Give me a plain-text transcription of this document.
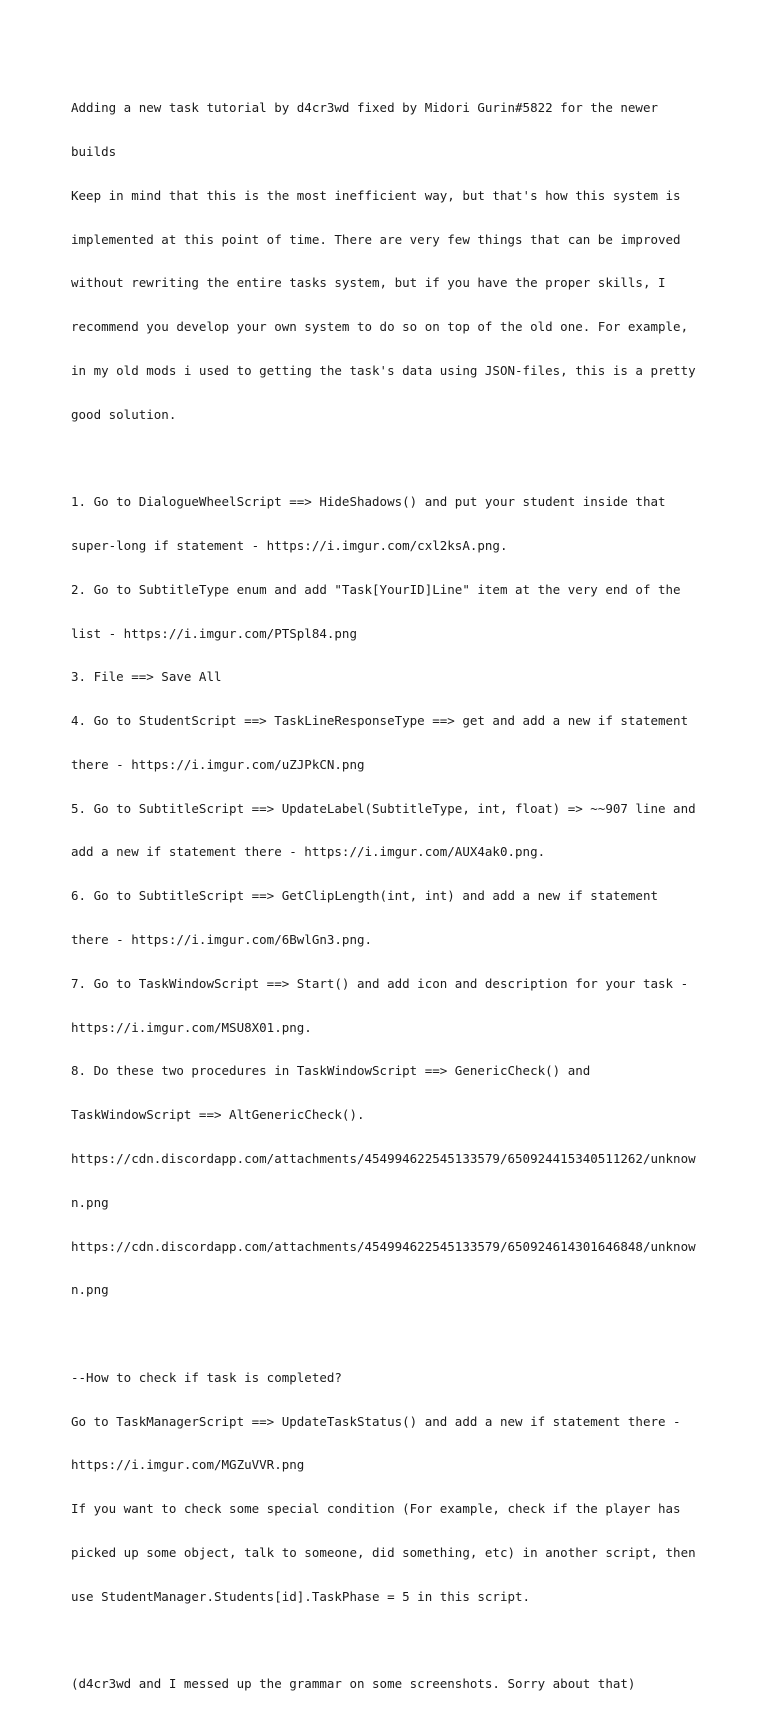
Adding a new task tutorial by d4cr3wd fixed by Midori Gurin#5822 for the newer

builds

Keep in mind that this is the most inefficient way, but that's how this system is

implemented at this point of time. There are very few things that can be improved

without rewriting the entire tasks system, but if you have the proper skills, I

recommend you develop your own system to do so on top of the old one. For example,

in my old mods i used to getting the task's data using JSON-files, this is a pretty

good solution.

1. Go to DialogueWheelScript ==> HideShadows() and put your student inside that

super-long if statement - https://i.imgur.com/cxl2ksA.png.

2. Go to SubtitleType enum and add "Task[YourID]Line" item at the very end of the

list - https://i.imgur.com/PTSpl84.png

3. File ==> Save All

4. Go to StudentScript ==> TaskLineResponseType ==> get and add a new if statement

there - https://i.imgur.com/uZJPkCN.png

5. Go to SubtitleScript ==> UpdateLabel(SubtitleType, int, float) => ~~907 line and

add a new if statement there - https://i.imgur.com/AUX4ak0.png.

6. Go to SubtitleScript ==> GetClipLength(int, int) and add a new if statement

there - https://i.imgur.com/6BwlGn3.png.

7. Go to TaskWindowScript ==> Start() and add icon and description for your task -

https://i.imgur.com/MSU8X01.png.

8. Do these two procedures in TaskWindowScript ==> GenericCheck() and

TaskWindowScript ==> AltGenericCheck().

https://cdn.discordapp.com/attachments/454994622545133579/650924415340511262/unknow

n.png

https://cdn.discordapp.com/attachments/454994622545133579/650924614301646848/unknow

n.png

--How to check if task is completed?

Go to TaskManagerScript ==> UpdateTaskStatus() and add a new if statement there -

https://i.imgur.com/MGZuVVR.png

If you want to check some special condition (For example, check if the player has

picked up some object, talk to someone, did something, etc) in another script, then

use StudentManager.Students[id].TaskPhase = 5 in this script.

(d4cr3wd and I messed up the grammar on some screenshots. Sorry about that)
